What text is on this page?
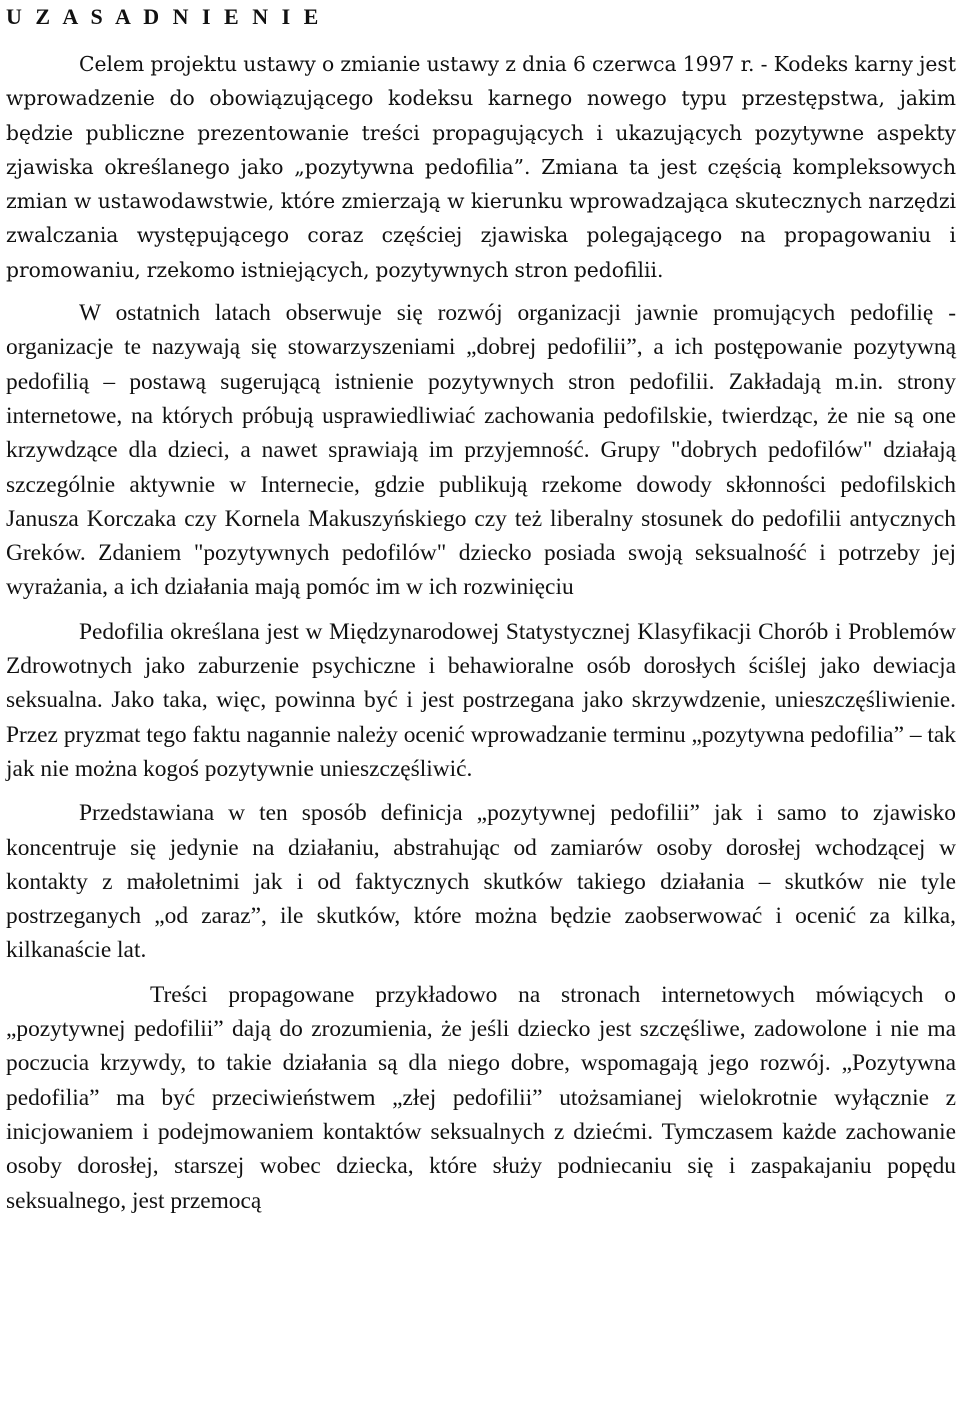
U Z A S A D N I E N I E

Celem projektu ustawy o zmianie ustawy z dnia 6 czerwca 1997 r. - Kodeks karny jest wprowadzenie do obowiązującego kodeksu karnego nowego typu przestępstwa, jakim będzie publiczne prezentowanie treści propagujących i ukazujących pozytywne aspekty zjawiska określanego jako „pozytywna pedofilia”. Zmiana ta jest częścią kompleksowych zmian w ustawodawstwie, które zmierzają w kierunku wprowadzająca skutecznych narzędzi zwalczania występującego coraz częściej zjawiska polegającego na propagowaniu i promowaniu, rzekomo istniejących, pozytywnych stron pedofilii.

W ostatnich latach obserwuje się rozwój organizacji jawnie promujących pedofilię - organizacje te nazywają się stowarzyszeniami „dobrej pedofilii”, a ich postępowanie pozytywną pedofilią – postawą sugerującą istnienie pozytywnych stron pedofilii. Zakładają m.in. strony internetowe, na których próbują usprawiedliwiać zachowania pedofilskie, twierdząc, że nie są one krzywdzące dla dzieci, a nawet sprawiają im przyjemność. Grupy "dobrych pedofilów" działają szczególnie aktywnie w Internecie, gdzie publikują rzekome dowody skłonności pedofilskich Janusza Korczaka czy Kornela Makuszyńskiego czy też liberalny stosunek do pedofilii antycznych Greków. Zdaniem "pozytywnych pedofilów" dziecko posiada swoją seksualność i potrzeby jej wyrażania, a ich działania mają pomóc im w ich rozwinięciu

Pedofilia określana jest w Międzynarodowej Statystycznej Klasyfikacji Chorób i Problemów Zdrowotnych jako zaburzenie psychiczne i behawioralne osób dorosłych ściślej jako dewiacja seksualna. Jako taka, więc, powinna być i jest postrzegana jako skrzywdzenie, unieszczęśliwienie. Przez pryzmat tego faktu nagannie należy ocenić wprowadzanie terminu „pozytywna pedofilia” – tak jak nie można kogoś pozytywnie unieszczęśliwić.

Przedstawiana w ten sposób definicja „pozytywnej pedofilii” jak i samo to zjawisko koncentruje się jedynie na działaniu, abstrahując od zamiarów osoby dorosłej wchodzącej w kontakty z małoletnimi jak i od faktycznych skutków takiego działania – skutków nie tyle postrzeganych „od zaraz”, ile skutków, które można będzie zaobserwować i ocenić za kilka, kilkanaście lat.

Treści propagowane przykładowo na stronach internetowych mówiących o „pozytywnej pedofilii” dają do zrozumienia, że jeśli dziecko jest szczęśliwe, zadowolone i nie ma poczucia krzywdy, to takie działania są dla niego dobre, wspomagają jego rozwój. „Pozytywna pedofilia” ma być przeciwieństwem „złej pedofilii” utożsamianej wielokrotnie wyłącznie z inicjowaniem i podejmowaniem kontaktów seksualnych z dziećmi. Tymczasem każde zachowanie osoby dorosłej, starszej wobec dziecka, które służy podniecaniu się i zaspakajaniu popędu seksualnego, jest przemocą
